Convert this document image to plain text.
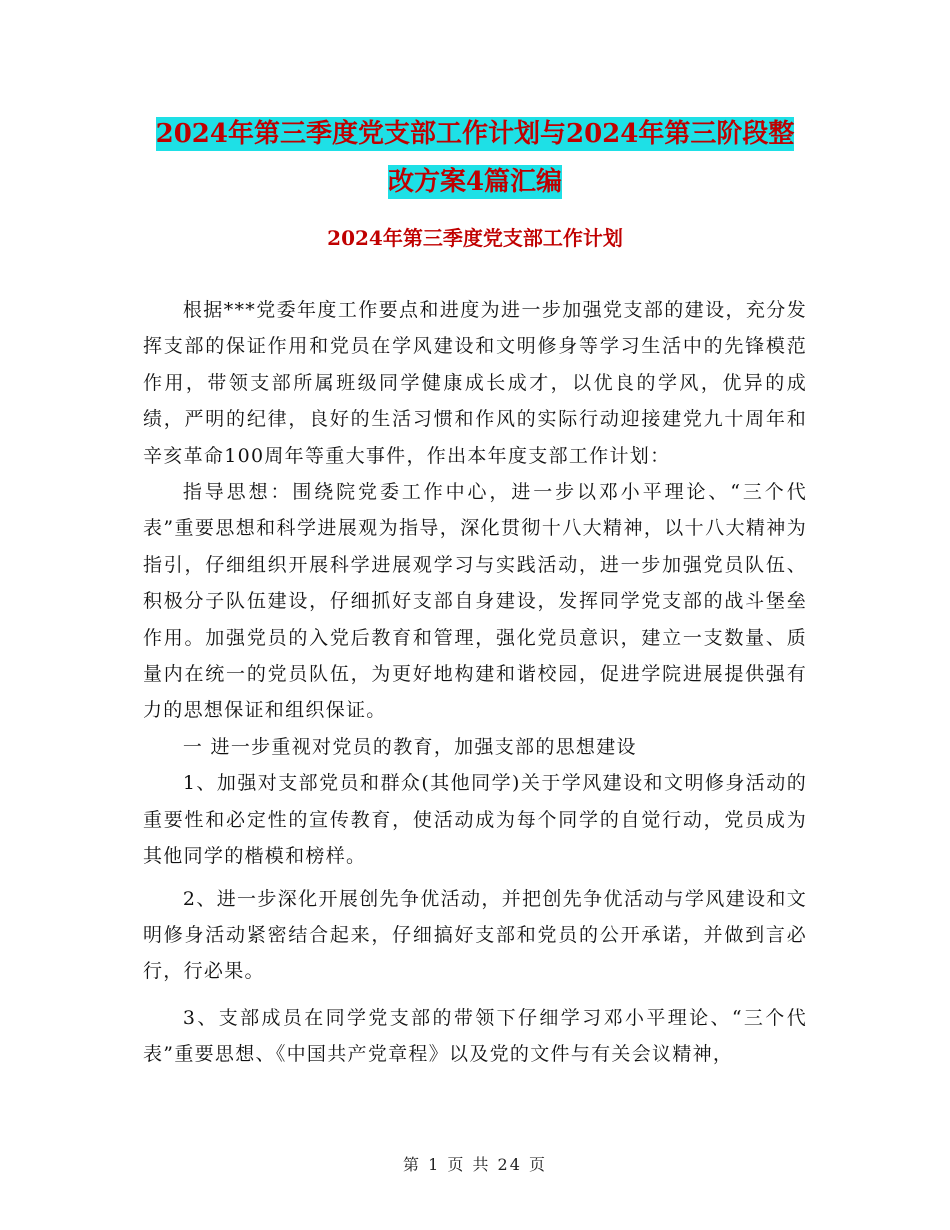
2024年第三季度党支部工作计划与2024年第三阶段整
改方案4篇汇编
2024年第三季度党支部工作计划

根据***党委年度工作要点和进度为进一步加强党支部的建设，充分发挥支部的保证作用和党员在学风建设和文明修身等学习生活中的先锋模范作用，带领支部所属班级同学健康成长成才，以优良的学风，优异的成绩，严明的纪律，良好的生活习惯和作风的实际行动迎接建党九十周年和辛亥革命100周年等重大事件，作出本年度支部工作计划：

指导思想：围绕院党委工作中心，进一步以邓小平理论、“三个代表”重要思想和科学进展观为指导，深化贯彻十八大精神，以十八大精神为指引，仔细组织开展科学进展观学习与实践活动，进一步加强党员队伍、积极分子队伍建设，仔细抓好支部自身建设，发挥同学党支部的战斗堡垒作用。加强党员的入党后教育和管理，强化党员意识，建立一支数量、质量内在统一的党员队伍，为更好地构建和谐校园，促进学院进展提供强有力的思想保证和组织保证。

一 进一步重视对党员的教育，加强支部的思想建设

1、加强对支部党员和群众(其他同学)关于学风建设和文明修身活动的重要性和必定性的宣传教育，使活动成为每个同学的自觉行动，党员成为其他同学的楷模和榜样。

2、进一步深化开展创先争优活动，并把创先争优活动与学风建设和文明修身活动紧密结合起来，仔细搞好支部和党员的公开承诺，并做到言必行，行必果。

3、支部成员在同学党支部的带领下仔细学习邓小平理论、“三个代表”重要思想、《中国共产党章程》以及党的文件与有关会议精神，

第 1 页 共 24 页
